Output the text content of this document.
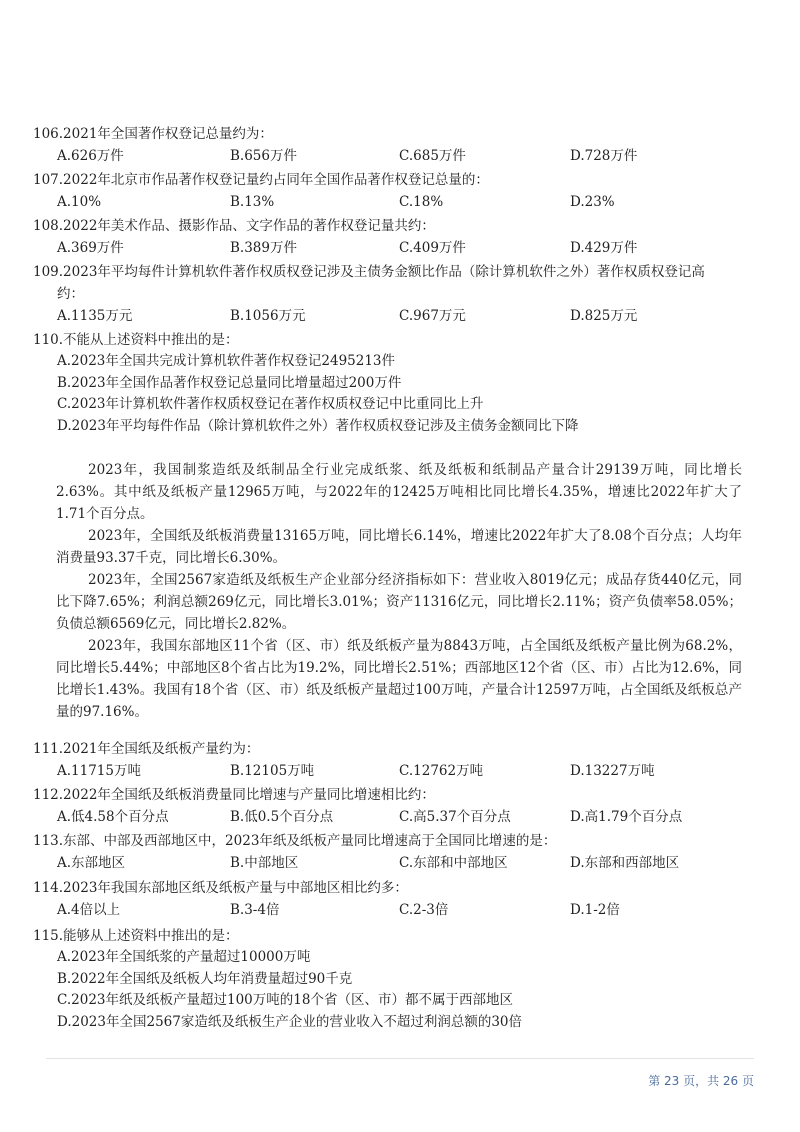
106.2021年全国著作权登记总量约为：
A.626万件	B.656万件	C.685万件	D.728万件
107.2022年北京市作品著作权登记量约占同年全国作品著作权登记总量的：
A.10%	B.13%	C.18%	D.23%
108.2022年美术作品、摄影作品、文字作品的著作权登记量共约：
A.369万件	B.389万件	C.409万件	D.429万件
109.2023年平均每件计算机软件著作权质权登记涉及主债务金额比作品（除计算机软件之外）著作权质权登记高
约：
A.1135万元	B.1056万元	C.967万元	D.825万元
110.不能从上述资料中推出的是：
A.2023年全国共完成计算机软件著作权登记2495213件
B.2023年全国作品著作权登记总量同比增量超过200万件
C.2023年计算机软件著作权质权登记在著作权质权登记中比重同比上升
D.2023年平均每件作品（除计算机软件之外）著作权质权登记涉及主债务金额同比下降
2023年，我国制浆造纸及纸制品全行业完成纸浆、纸及纸板和纸制品产量合计29139万吨，同比增长2.63%。其中纸及纸板产量12965万吨，与2022年的12425万吨相比同比增长4.35%，增速比2022年扩大了1.71个百分点。
2023年，全国纸及纸板消费量13165万吨，同比增长6.14%，增速比2022年扩大了8.08个百分点；人均年消费量93.37千克，同比增长6.30%。
2023年，全国2567家造纸及纸板生产企业部分经济指标如下：营业收入8019亿元；成品存货440亿元，同比下降7.65%；利润总额269亿元，同比增长3.01%；资产11316亿元，同比增长2.11%；资产负债率58.05%；负债总额6569亿元，同比增长2.82%。
2023年，我国东部地区11个省（区、市）纸及纸板产量为8843万吨，占全国纸及纸板产量比例为68.2%，同比增长5.44%；中部地区8个省占比为19.2%，同比增长2.51%；西部地区12个省（区、市）占比为12.6%，同比增长1.43%。我国有18个省（区、市）纸及纸板产量超过100万吨，产量合计12597万吨，占全国纸及纸板总产量的97.16%。
111.2021年全国纸及纸板产量约为：
A.11715万吨	B.12105万吨	C.12762万吨	D.13227万吨
112.2022年全国纸及纸板消费量同比增速与产量同比增速相比约：
A.低4.58个百分点	B.低0.5个百分点	C.高5.37个百分点	D.高1.79个百分点
113.东部、中部及西部地区中，2023年纸及纸板产量同比增速高于全国同比增速的是：
A.东部地区	B.中部地区	C.东部和中部地区	D.东部和西部地区
114.2023年我国东部地区纸及纸板产量与中部地区相比约多：
A.4倍以上	B.3-4倍	C.2-3倍	D.1-2倍
115.能够从上述资料中推出的是：
A.2023年全国纸浆的产量超过10000万吨
B.2022年全国纸及纸板人均年消费量超过90千克
C.2023年纸及纸板产量超过100万吨的18个省（区、市）都不属于西部地区
D.2023年全国2567家造纸及纸板生产企业的营业收入不超过利润总额的30倍
第 23 页，共 26 页
